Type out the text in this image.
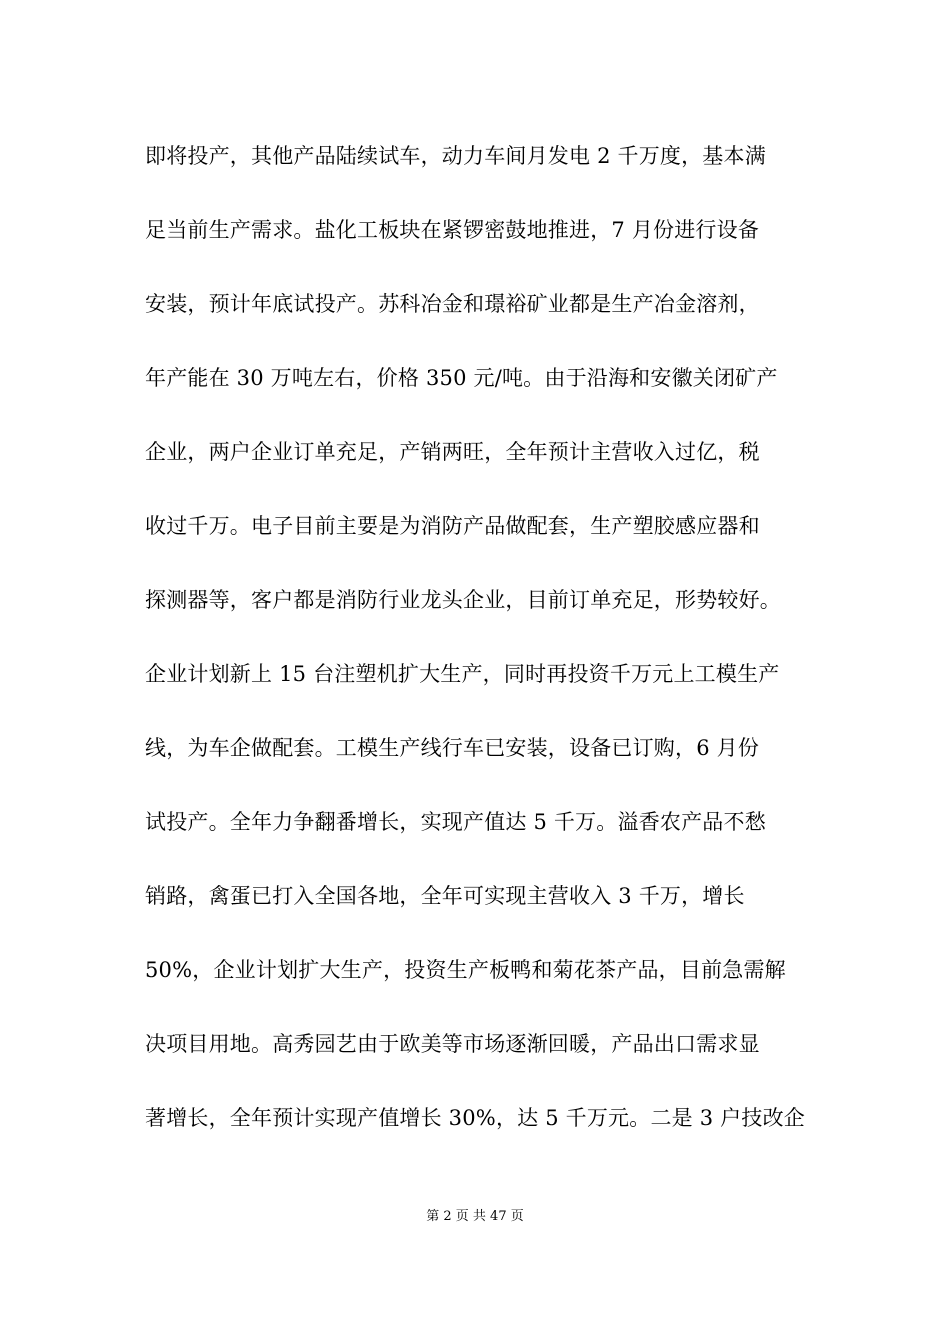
即将投产，其他产品陆续试车，动力车间月发电 2 千万度，基本满
足当前生产需求。盐化工板块在紧锣密鼓地推进，7 月份进行设备
安装，预计年底试投产。苏科冶金和璟裕矿业都是生产冶金溶剂，
年产能在 30 万吨左右，价格 350 元/吨。由于沿海和安徽关闭矿产
企业，两户企业订单充足，产销两旺，全年预计主营收入过亿，税
收过千万。电子目前主要是为消防产品做配套，生产塑胶感应器和
探测器等，客户都是消防行业龙头企业，目前订单充足，形势较好。
企业计划新上 15 台注塑机扩大生产，同时再投资千万元上工模生产
线，为车企做配套。工模生产线行车已安装，设备已订购，6 月份
试投产。全年力争翻番增长，实现产值达 5 千万。溢香农产品不愁
销路，禽蛋已打入全国各地，全年可实现主营收入 3 千万，增长
50%，企业计划扩大生产，投资生产板鸭和菊花茶产品，目前急需解
决项目用地。高秀园艺由于欧美等市场逐渐回暖，产品出口需求显
著增长，全年预计实现产值增长 30%，达 5 千万元。二是 3 户技改企
第 2 页 共 47 页
